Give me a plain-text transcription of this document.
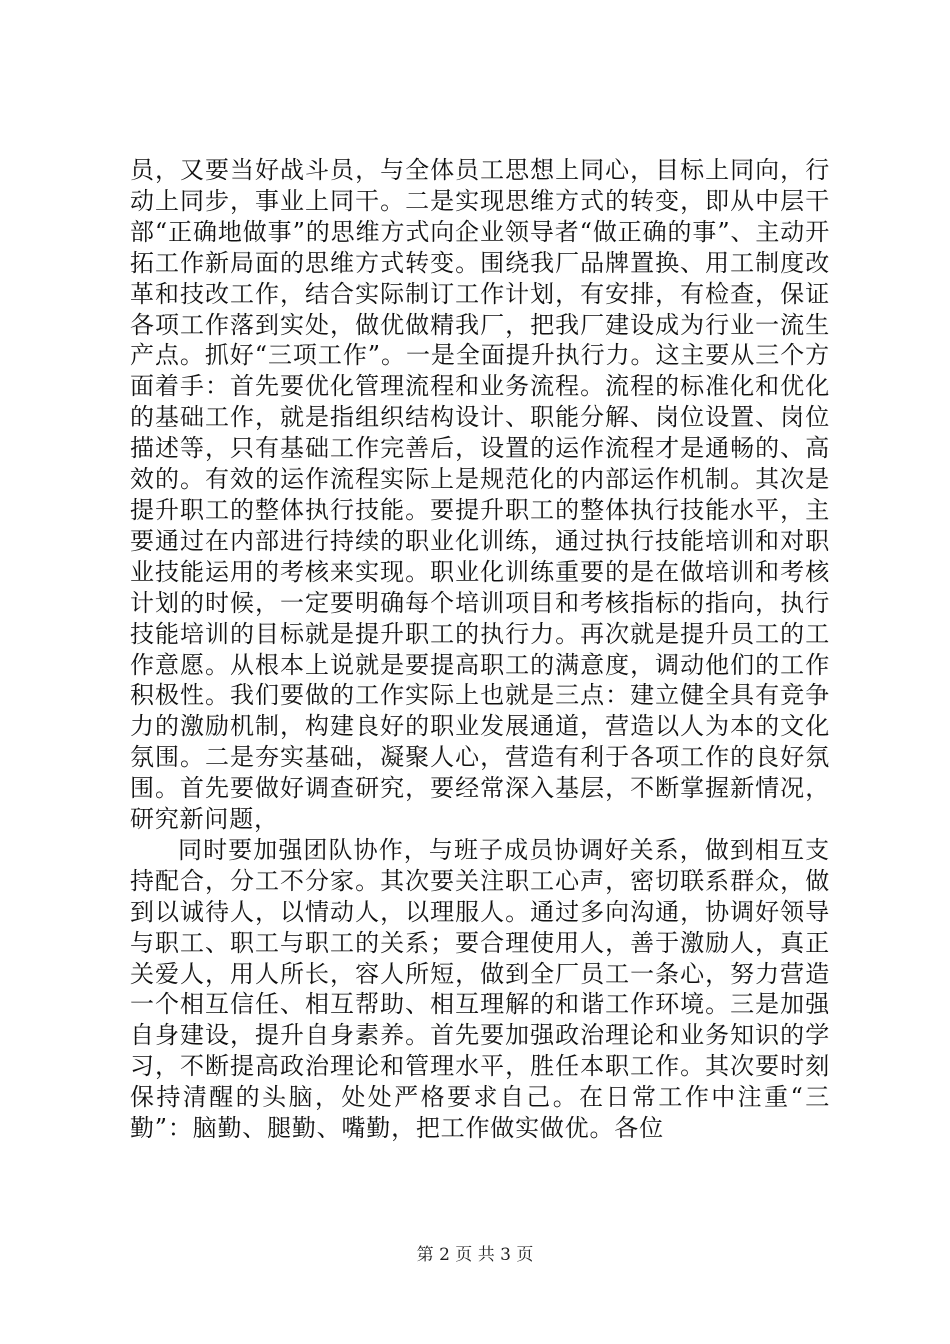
员，又要当好战斗员，与全体员工思想上同心，目标上同向，行动上同步，事业上同干。二是实现思维方式的转变，即从中层干部“正确地做事”的思维方式向企业领导者“做正确的事”、主动开拓工作新局面的思维方式转变。围绕我厂品牌置换、用工制度改革和技改工作，结合实际制订工作计划，有安排，有检查，保证各项工作落到实处，做优做精我厂，把我厂建设成为行业一流生产点。抓好“三项工作”。一是全面提升执行力。这主要从三个方面着手：首先要优化管理流程和业务流程。流程的标准化和优化的基础工作，就是指组织结构设计、职能分解、岗位设置、岗位描述等，只有基础工作完善后，设置的运作流程才是通畅的、高效的。有效的运作流程实际上是规范化的内部运作机制。其次是提升职工的整体执行技能。要提升职工的整体执行技能水平，主要通过在内部进行持续的职业化训练，通过执行技能培训和对职业技能运用的考核来实现。职业化训练重要的是在做培训和考核计划的时候，一定要明确每个培训项目和考核指标的指向，执行技能培训的目标就是提升职工的执行力。再次就是提升员工的工作意愿。从根本上说就是要提高职工的满意度，调动他们的工作积极性。我们要做的工作实际上也就是三点：建立健全具有竞争力的激励机制，构建良好的职业发展通道，营造以人为本的文化氛围。二是夯实基础，凝聚人心，营造有利于各项工作的良好氛围。首先要做好调查研究，要经常深入基层，不断掌握新情况，研究新问题，

同时要加强团队协作，与班子成员协调好关系，做到相互支持配合，分工不分家。其次要关注职工心声，密切联系群众，做到以诚待人，以情动人，以理服人。通过多向沟通，协调好领导与职工、职工与职工的关系；要合理使用人，善于激励人，真正关爱人，用人所长，容人所短，做到全厂员工一条心，努力营造一个相互信任、相互帮助、相互理解的和谐工作环境。三是加强自身建设，提升自身素养。首先要加强政治理论和业务知识的学习，不断提高政治理论和管理水平，胜任本职工作。其次要时刻保持清醒的头脑，处处严格要求自己。在日常工作中注重“三勤”：脑勤、腿勤、嘴勤，把工作做实做优。各位

第 2 页 共 3 页
